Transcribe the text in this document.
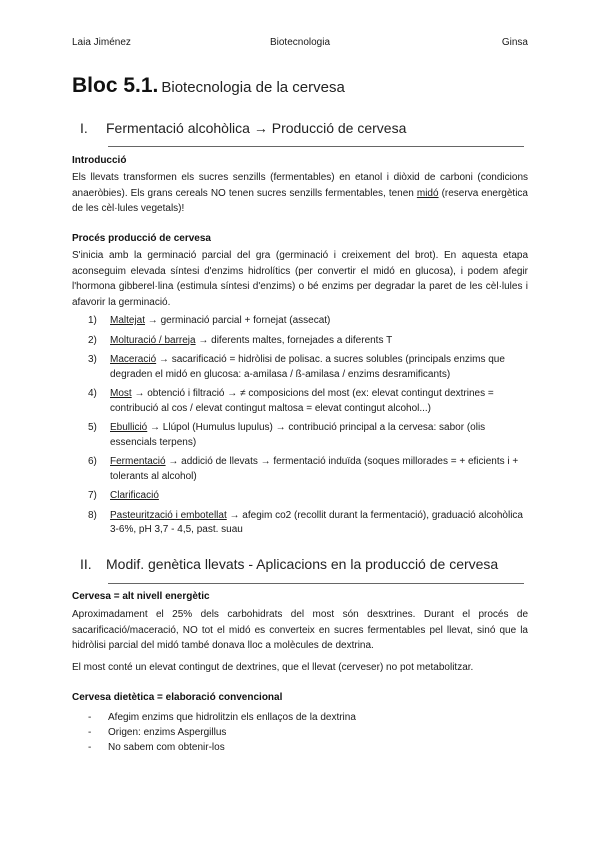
Laia Jiménez	Biotecnologia	Ginsa
Bloc 5.1. Biotecnologia de la cervesa
I. Fermentació alcohòlica → Producció de cervesa
Introducció
Els llevats transformen els sucres senzills (fermentables) en etanol i diòxid de carboni (condicions anaeròbies). Els grans cereals NO tenen sucres senzills fermentables, tenen midó (reserva energètica de les cèl·lules vegetals)!
Procés producció de cervesa
S'inicia amb la germinació parcial del gra (germinació i creixement del brot). En aquesta etapa aconseguim elevada síntesi d'enzims hidrolítics (per convertir el midó en glucosa), i podem afegir l'hormona gibberel·lina (estimula síntesi d'enzims) o bé enzims per degradar la paret de les cèl·lules i afavorir la germinació.
1) Maltejat → germinació parcial + fornejat (assecat)
2) Molturació / barreja → diferents maltes, fornejades a diferents T
3) Maceració → sacarificació = hidròlisi de polisac. a sucres solubles (principals enzims que degraden el midó en glucosa: a-amilasa / ß-amilasa / enzims desramificants)
4) Most → obtenció i filtració → ≠ composicions del most (ex: elevat contingut dextrines = contribució al cos / elevat contingut maltosa = elevat contingut alcohol...)
5) Ebullició → Llúpol (Humulus lupulus) → contribució principal a la cervesa: sabor (olis essencials terpens)
6) Fermentació → addició de llevats → fermentació induïda (soques millorades = + eficients i + tolerants al alcohol)
7) Clarificació
8) Pasteurització i embotellat → afegim co2 (recollit durant la fermentació), graduació alcohòlica 3-6%, pH 3,7 - 4,5, past. suau
II. Modif. genètica llevats - Aplicacions en la producció de cervesa
Cervesa = alt nivell energètic
Aproximadament el 25% dels carbohidrats del most són desxtrines. Durant el procés de sacarificació/maceració, NO tot el midó es converteix en sucres fermentables pel llevat, sinó que la hidròlisi parcial del midó també donava lloc a molècules de dextrina.
El most conté un elevat contingut de dextrines, que el llevat (cerveser) no pot metabolitzar.
Cervesa dietètica = elaboració convencional
- Afegim enzims que hidrolitzin els enllaços de la dextrina
- Origen: enzims Aspergillus
- No sabem com obtenir-los
